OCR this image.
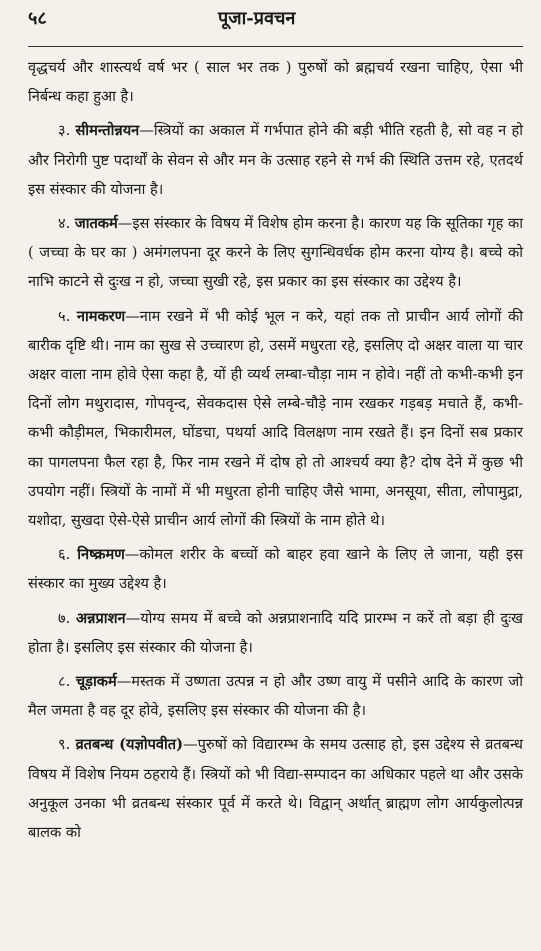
५८	पूजा-प्रवचन

वृद्धचर्य और शास्त्यर्थ वर्ष भर ( साल भर तक ) पुरुषों को ब्रह्मचर्य रखना चाहिए, ऐसा भी निर्बन्ध कहा हुआ है।

३. सीमन्तोन्नयन—स्त्रियों का अकाल में गर्भपात होने की बड़ी भीति रहती है, सो वह न हो और निरोगी पुष्ट पदार्थों के सेवन से और मन के उत्साह रहने से गर्भ की स्थिति उत्तम रहे, एतदर्थ इस संस्कार की योजना है।

४. जातकर्म—इस संस्कार के विषय में विशेष होम करना है। कारण यह कि सूतिका गृह का ( जच्चा के घर का ) अमंगलपना दूर करने के लिए सुगन्धिवर्धक होम करना योग्य है। बच्चे को नाभि काटने से दुःख न हो, जच्चा सुखी रहे, इस प्रकार का इस संस्कार का उद्देश्य है।

५. नामकरण—नाम रखने में भी कोई भूल न करे, यहां तक तो प्राचीन आर्य लोगों की बारीक दृष्टि थी। नाम का सुख से उच्चारण हो, उसमें मधुरता रहे, इसलिए दो अक्षर वाला या चार अक्षर वाला नाम होवे ऐसा कहा है, यों ही व्यर्थ लम्बा-चौड़ा नाम न होवे। नहीं तो कभी-कभी इन दिनों लोग मथुरादास, गोपवृन्द, सेवकदास ऐसे लम्बे-चौड़े नाम रखकर गड़बड़ मचाते हैं, कभी-कभी कौड़ीमल, भिकारीमल, घोंडचा, पथर्या आदि विलक्षण नाम रखते हैं। इन दिनों सब प्रकार का पागलपना फैल रहा है, फिर नाम रखने में दोष हो तो आश्चर्य क्या है? दोष देने में कुछ भी उपयोग नहीं। स्त्रियों के नामों में भी मधुरता होनी चाहिए जैसे भामा, अनसूया, सीता, लोपामुद्रा, यशोदा, सुखदा ऐसे-ऐसे प्राचीन आर्य लोगों की स्त्रियों के नाम होते थे।

६. निष्क्रमण—कोमल शरीर के बच्चों को बाहर हवा खाने के लिए ले जाना, यही इस संस्कार का मुख्य उद्देश्य है।

७. अन्नप्राशन—योग्य समय में बच्चे को अन्नप्राशनादि यदि प्रारम्भ न करें तो बड़ा ही दुःख होता है। इसलिए इस संस्कार की योजना है।

८. चूड़ाकर्म—मस्तक में उष्णता उत्पन्न न हो और उष्ण वायु में पसीने आदि के कारण जो मैल जमता है वह दूर होवे, इसलिए इस संस्कार की योजना की है।

९. व्रतबन्ध (यज्ञोपवीत)—पुरुषों को विद्यारम्भ के समय उत्साह हो, इस उद्देश्य से व्रतबन्ध विषय में विशेष नियम ठहराये हैं। स्त्रियों को भी विद्या-सम्पादन का अधिकार पहले था और उसके अनुकूल उनका भी व्रतबन्ध संस्कार पूर्व में करते थे। विद्वान् अर्थात् ब्राह्मण लोग आर्यकुलोत्पन्न बालक को
